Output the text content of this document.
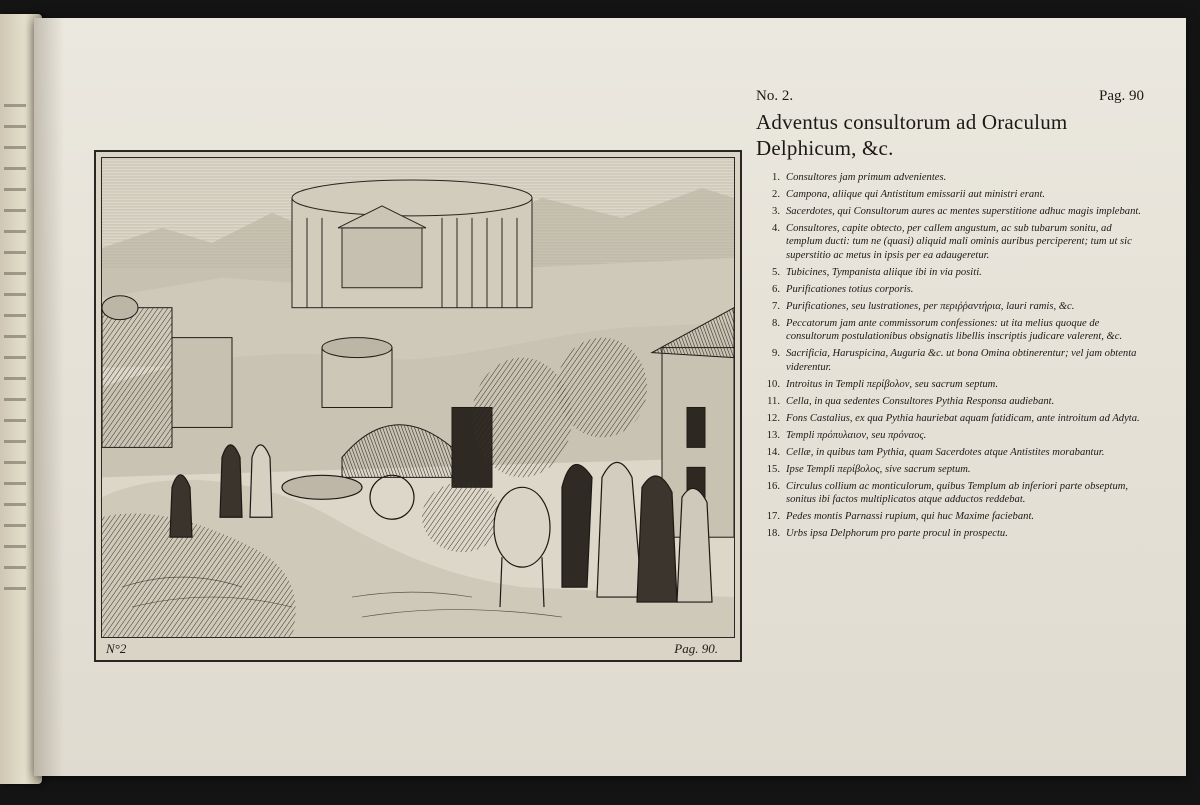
N°2	Pag. 90.
No. 2.	Pag. 90
Adventus consultorum ad Oraculum Delphicum, &c.
1. Consultores jam primum advenientes.
2. Campona, aliique qui Antistitum emissarii aut ministri erant.
3. Sacerdotes, qui Consultorum aures ac mentes superstitione adhuc magis implebant.
4. Consultores, capite obtecto, per callem angustum, ac sub tubarum sonitu, ad templum ducti: tum ne (quasi) aliquid mali ominis auribus perciperent; tum ut sic superstitio ac metus in ipsis per ea adaugeretur.
5. Tubicines, Tympanista aliique ibi in via positi.
6. Purificationes totius corporis.
7. Purificationes, seu lustrationes, per περιῤῥαντήρια, lauri ramis, &c.
8. Peccatorum jam ante commissorum confessiones: ut ita melius quoque de consultorum postulationibus obsignatis libellis inscriptis judicare valerent, &c.
9. Sacrificia, Haruspicina, Auguria &c. ut bona Omina obtinerentur; vel jam obtenta viderentur.
10. Introitus in Templi περίβολον, seu sacrum septum.
11. Cella, in qua sedentes Consultores Pythia Responsa audiebant.
12. Fons Castalius, ex qua Pythia hauriebat aquam fatidicam, ante introitum ad Adyta.
13. Templi πρόπυλαιον, seu πρόναος.
14. Cellæ, in quibus tam Pythia, quam Sacerdotes atque Antistites morabantur.
15. Ipse Templi περίβολος, sive sacrum septum.
16. Circulus collium ac monticulorum, quibus Templum ab inferiori parte obseptum, sonitus ibi factos multiplicatos atque adductos reddebat.
17. Pedes montis Parnassi rupium, qui huc Maxime faciebant.
18. Urbs ipsa Delphorum pro parte procul in prospectu.
